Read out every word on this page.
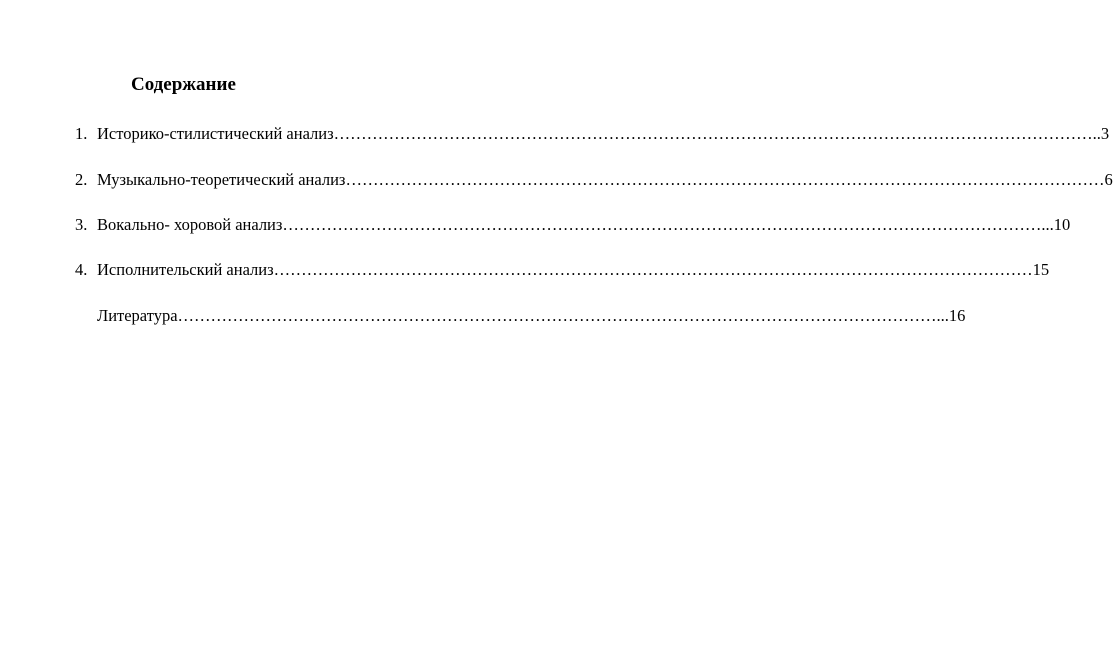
Содержание
1. Историко-стилистический анализ ………………………………………………………………………………………………………………………… ..3
2. Музыкально-теоретический анализ ………………………………………………………………………………………………………………………… 6
3. Вокально- хоровой анализ ………………………………………………………………………………………………………………………… ...10
4. Исполнительский анализ ………………………………………………………………………………………………………………………… 15
Литература ………………………………………………………………………………………………………………………… ...16
